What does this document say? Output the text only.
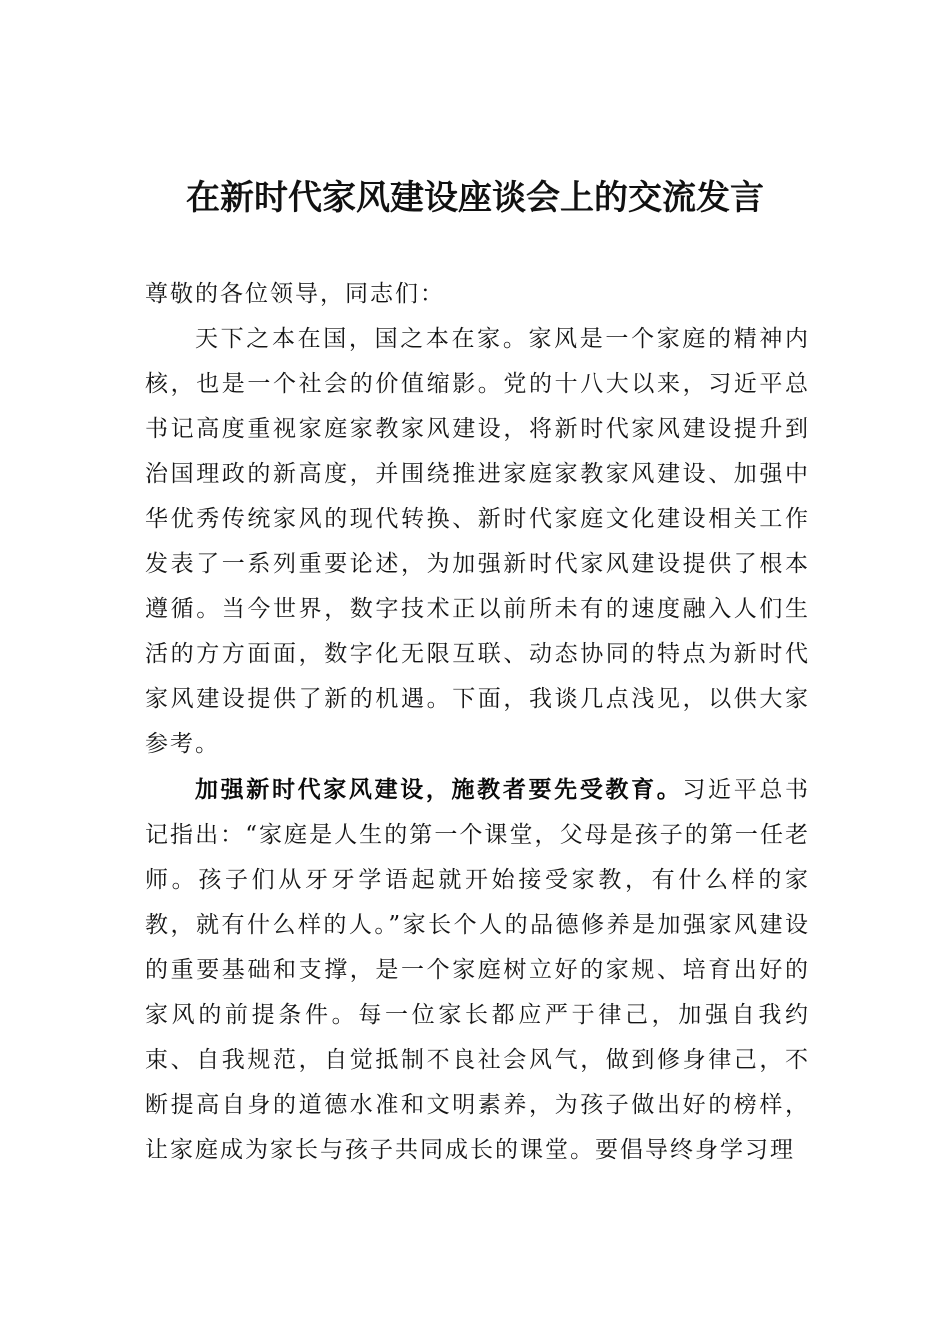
在新时代家风建设座谈会上的交流发言

尊敬的各位领导，同志们：

天下之本在国，国之本在家。家风是一个家庭的精神内核，也是一个社会的价值缩影。党的十八大以来，习近平总书记高度重视家庭家教家风建设，将新时代家风建设提升到治国理政的新高度，并围绕推进家庭家教家风建设、加强中华优秀传统家风的现代转换、新时代家庭文化建设相关工作发表了一系列重要论述，为加强新时代家风建设提供了根本遵循。当今世界，数字技术正以前所未有的速度融入人们生活的方方面面，数字化无限互联、动态协同的特点为新时代家风建设提供了新的机遇。下面，我谈几点浅见，以供大家参考。

加强新时代家风建设，施教者要先受教育。习近平总书记指出：“家庭是人生的第一个课堂，父母是孩子的第一任老师。孩子们从牙牙学语起就开始接受家教，有什么样的家教，就有什么样的人。”家长个人的品德修养是加强家风建设的重要基础和支撑，是一个家庭树立好的家规、培育出好的家风的前提条件。每一位家长都应严于律己，加强自我约束、自我规范，自觉抵制不良社会风气，做到修身律己，不断提高自身的道德水准和文明素养，为孩子做出好的榜样，让家庭成为家长与孩子共同成长的课堂。要倡导终身学习理
